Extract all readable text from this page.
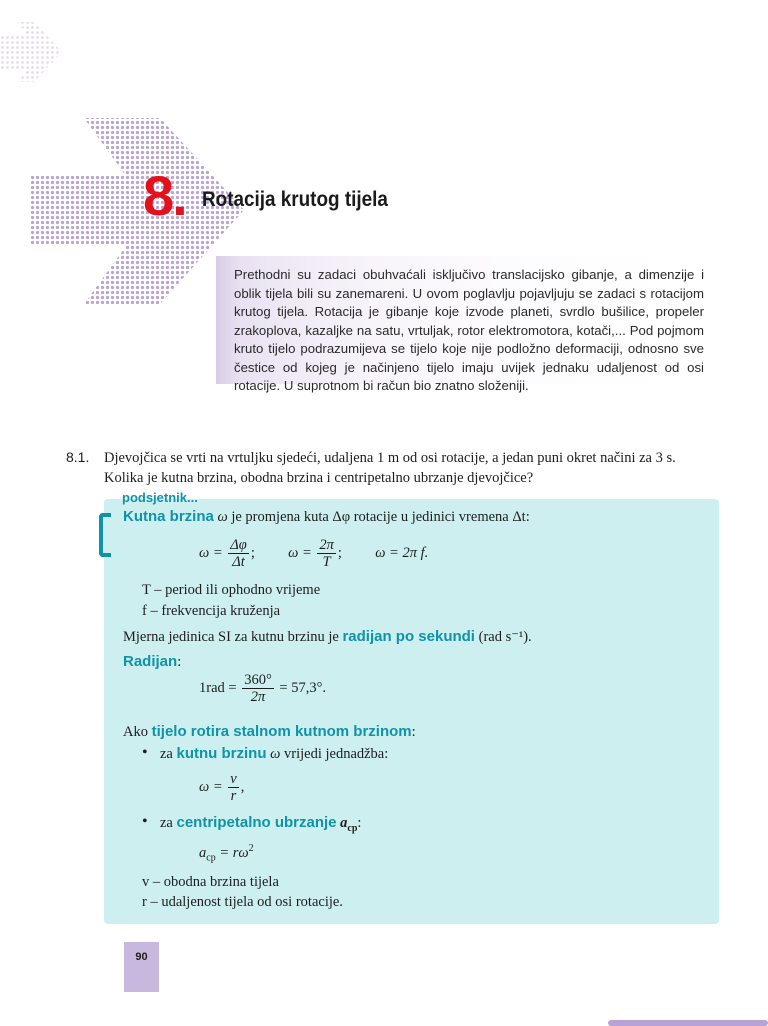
8. Rotacija krutog tijela
Prethodni su zadaci obuhvaćali isključivo translacijsko gibanje, a dimenzije i oblik tijela bili su zanemareni. U ovom poglavlju pojavljuju se zadaci s rotacijom krutog tijela. Rotacija je gibanje koje izvode planeti, svrdlo bušilice, propeler zrakoplova, kazaljke na satu, vrtuljak, rotor elektromotora, kotači,... Pod pojmom kruto tijelo podrazumijeva se tijelo koje nije podložno deformaciji, odnosno sve čestice od kojeg je načinjeno tijelo imaju uvijek jednaku udaljenost od osi rotacije. U suprotnom bi račun bio znatno složeniji.
8.1. Djevojčica se vrti na vrtuljku sjedeći, udaljena 1 m od osi rotacije, a jedan puni okret načini za 3 s.
Kolika je kutna brzina, obodna brzina i centripetalno ubrzanje djevojčice?
podsjetnik...
Kutna brzina ω je promjena kuta Δφ rotacije u jedinici vremena Δt:
$\omega = \frac{\Delta\varphi}{\Delta t}$ ; $\omega = \frac{2\pi}{T}$ ; ω = 2π f.
T – period ili ophodno vrijeme
f – frekvencija kruženja
Mjerna jedinica SI za kutnu brzinu je radijan po sekundi (rad s⁻¹).
Radijan:
$1rad = \frac{360^\circ}{2\pi} = 57,3^\circ$.
Ako tijelo rotira stalnom kutnom brzinom:
• za kutnu brzinu ω vrijedi jednadžba:
$\omega = \frac{v}{r}$ ,
• za centripetalno ubrzanje $a_{cp}$:
$a_{cp} = r\omega^2$
v – obodna brzina tijela
r – udaljenost tijela od osi rotacije.
90
